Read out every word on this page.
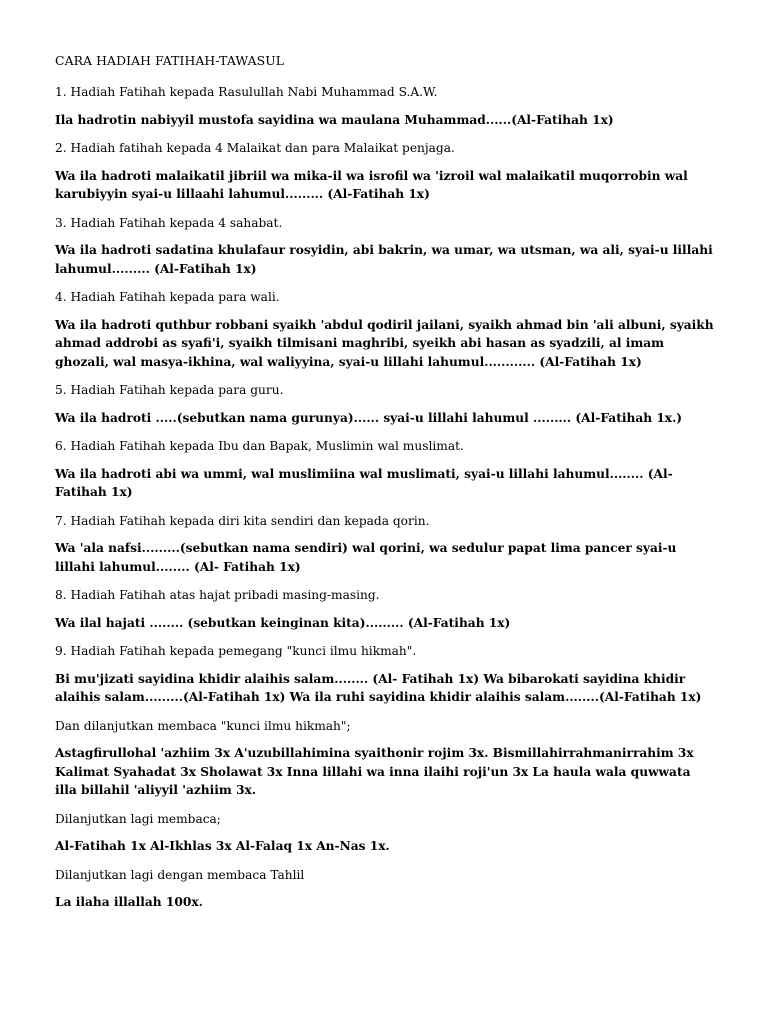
CARA HADIAH FATIHAH-TAWASUL

1. Hadiah Fatihah kepada Rasulullah Nabi Muhammad S.A.W.

Ila hadrotin nabiyyil mustofa sayidina wa maulana Muhammad......(Al-Fatihah 1x)

2. Hadiah fatihah kepada 4 Malaikat dan para Malaikat penjaga.

Wa ila hadroti malaikatil jibriil wa mika-il wa isrofil wa 'izroil wal malaikatil muqorrobin wal karubiyyin syai-u lillaahi lahumul......... (Al-Fatihah 1x)

3. Hadiah Fatihah kepada 4 sahabat.

Wa ila hadroti sadatina khulafaur rosyidin, abi bakrin, wa umar, wa utsman, wa ali, syai-u lillahi lahumul......... (Al-Fatihah 1x)

4. Hadiah Fatihah kepada para wali.

Wa ila hadroti quthbur robbani syaikh 'abdul qodiril jailani, syaikh ahmad bin 'ali albuni, syaikh ahmad addrobi as syafi'i, syaikh tilmisani maghribi, syeikh abi hasan as syadzili, al imam ghozali, wal masya-ikhina, wal waliyyina, syai-u lillahi lahumul............ (Al-Fatihah 1x)

5. Hadiah Fatihah kepada para guru.

Wa ila hadroti .....(sebutkan nama gurunya)...... syai-u lillahi lahumul ......... (Al-Fatihah 1x.)

6. Hadiah Fatihah kepada Ibu dan Bapak, Muslimin wal muslimat.

Wa ila hadroti abi wa ummi, wal muslimiina wal muslimati, syai-u lillahi lahumul........ (Al-Fatihah 1x)

7. Hadiah Fatihah kepada diri kita sendiri dan kepada qorin.

Wa 'ala nafsi.........(sebutkan nama sendiri) wal qorini, wa sedulur papat lima pancer syai-u lillahi lahumul........ (Al- Fatihah 1x)

8. Hadiah Fatihah atas hajat pribadi masing-masing.

Wa ilal hajati ........ (sebutkan keinginan kita)......... (Al-Fatihah 1x)

9. Hadiah Fatihah kepada pemegang "kunci ilmu hikmah".

Bi mu'jizati sayidina khidir alaihis salam........ (Al- Fatihah 1x) Wa bibarokati sayidina khidir alaihis salam.........(Al-Fatihah 1x) Wa ila ruhi sayidina khidir alaihis salam........(Al-Fatihah 1x)

Dan dilanjutkan membaca "kunci ilmu hikmah";

Astagfirullohal 'azhiim 3x A'uzubillahimina syaithonir rojim 3x. Bismillahirrahmanirrahim 3x Kalimat Syahadat 3x Sholawat 3x Inna lillahi wa inna ilaihi roji'un 3x La haula wala quwwata illa billahil 'aliyyil 'azhiim 3x.

Dilanjutkan lagi membaca;

Al-Fatihah 1x Al-Ikhlas 3x Al-Falaq 1x An-Nas 1x.

Dilanjutkan lagi dengan membaca Tahlil

La ilaha illallah 100x.
